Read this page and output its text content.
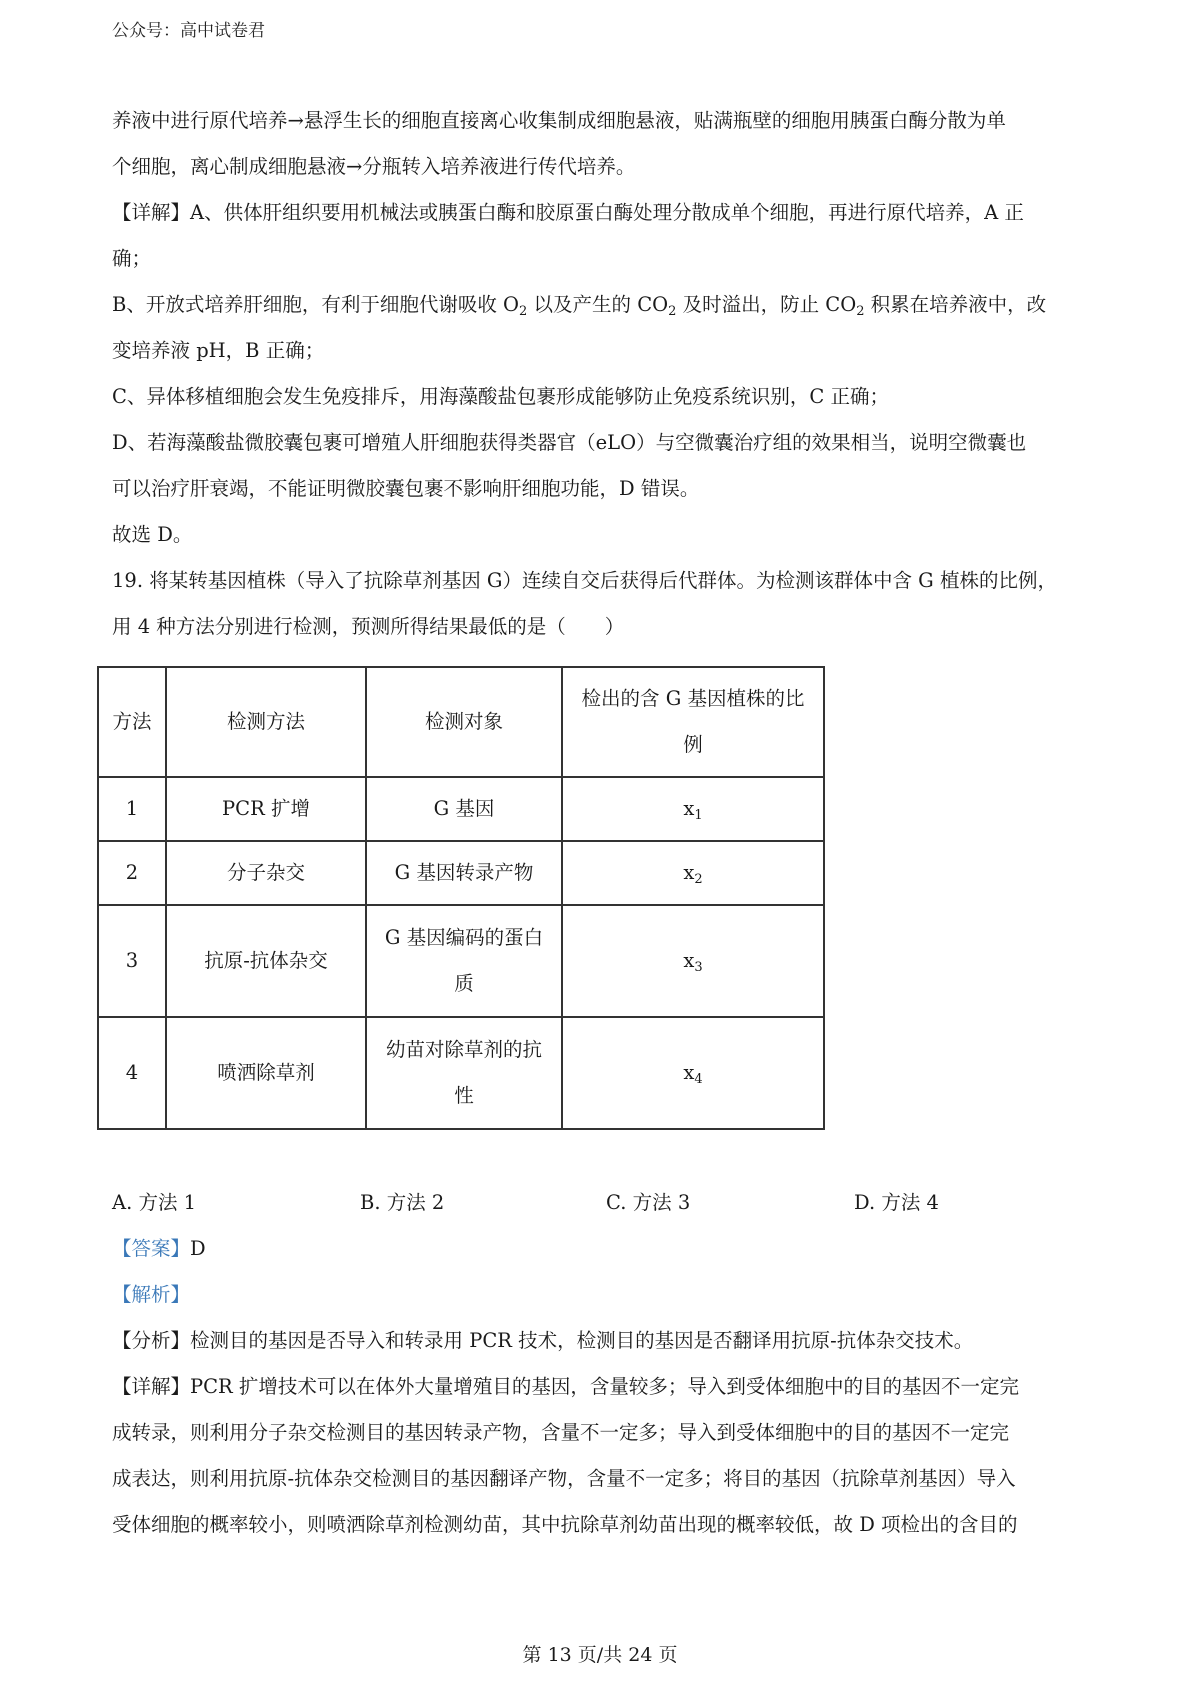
公众号：高中试卷君

养液中进行原代培养→悬浮生长的细胞直接离心收集制成细胞悬液，贴满瓶壁的细胞用胰蛋白酶分散为单

个细胞，离心制成细胞悬液→分瓶转入培养液进行传代培养。

【详解】A、供体肝组织要用机械法或胰蛋白酶和胶原蛋白酶处理分散成单个细胞，再进行原代培养，A 正

确；

B、开放式培养肝细胞，有利于细胞代谢吸收 $O_2$ 以及产生的 $CO_2$ 及时溢出，防止 $CO_2$ 积累在培养液中，改

变培养液 pH，B 正确；

C、异体移植细胞会发生免疫排斥，用海藻酸盐包裹形成能够防止免疫系统识别，C 正确；

D、若海藻酸盐微胶囊包裹可增殖人肝细胞获得类器官（eLO）与空微囊治疗组的效果相当，说明空微囊也

可以治疗肝衰竭，不能证明微胶囊包裹不影响肝细胞功能，D 错误。

故选 D。

19. 将某转基因植株（导入了抗除草剂基因 G）连续自交后获得后代群体。为检测该群体中含 G 植株的比例，

用 4 种方法分别进行检测，预测所得结果最低的是（　　）

方法	检测方法	检测对象	检出的含 G 基因植株的比例
1	PCR 扩增	G 基因	$x_1$
2	分子杂交	G 基因转录产物	$x_2$
3	抗原-抗体杂交	G 基因编码的蛋白质	$x_3$
4	喷洒除草剂	幼苗对除草剂的抗性	$x_4$
A. 方法 1	B. 方法 2	C. 方法 3	D. 方法 4

【答案】D

【解析】

【分析】检测目的基因是否导入和转录用 PCR 技术，检测目的基因是否翻译用抗原-抗体杂交技术。

【详解】PCR 扩增技术可以在体外大量增殖目的基因，含量较多；导入到受体细胞中的目的基因不一定完

成转录，则利用分子杂交检测目的基因转录产物，含量不一定多；导入到受体细胞中的目的基因不一定完

成表达，则利用抗原-抗体杂交检测目的基因翻译产物，含量不一定多；将目的基因（抗除草剂基因）导入

受体细胞的概率较小，则喷洒除草剂检测幼苗，其中抗除草剂幼苗出现的概率较低，故 D 项检出的含目的

第 13 页/共 24 页
